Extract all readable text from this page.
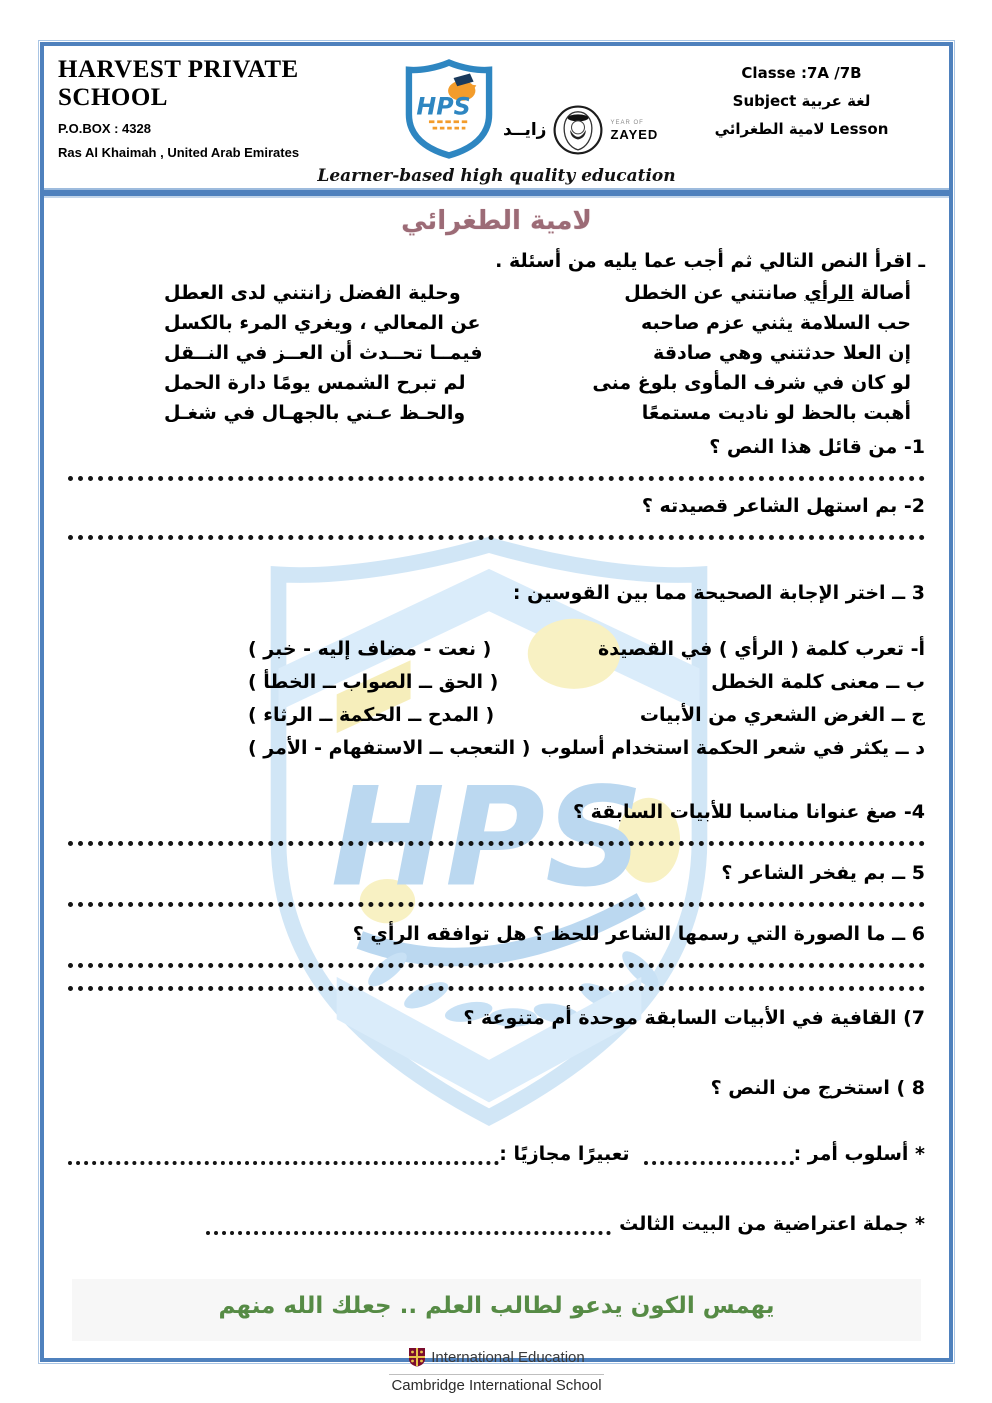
HPS
HARVEST PRIVATE SCHOOL
P.O.BOX : 4328
Ras Al Khaimah , United Arab Emirates
HPS
زايــد	YEAR OF
ZAYED
Classe :7A /7B
Subject لغة عربية
لامية الطغرائي Lesson
Learner-based high quality education
لامية الطغرائي

ـ اقرأ النص التالي ثم أجب عما يليه من أسئلة .

أصالة الرأي صانتني عن الخطل
وحلية الفضل زانتني لدى العطل
حب السلامة يثني عزم صاحبه
عن المعالي ، ويغري المرء بالكسل
إن العلا حدثتني وهي صادقة
فيمــا تحــدث أن العــز في النــقل
لو كان في شرف المأوى بلوغ منى
لم تبرح الشمس يومًا دارة الحمل
أهبت بالحظ لو ناديت مستمعًا
والحـظ عـني بالجهـال في شغـل

1- من قائل هذا النص ؟

2- بم استهل الشاعر قصيدته ؟

3 ــ اختر الإجابة الصحيحة مما بين القوسين :

أ- تعرب كلمة ( الرأي ) في القصيدة
( نعت - مضاف إليه - خبر )
ب ــ معنى كلمة الخطل
( الحق ــ الصواب ــ الخطأ )
ج ــ الغرض الشعري من الأبيات
( المدح ــ الحكمة ــ الرثاء )
د ــ يكثر في شعر الحكمة استخدام أسلوب
( التعجب ــ الاستفهام - الأمر )

4- صغ عنوانا مناسبا للأبيات السابقة ؟

5 ــ بم يفخر الشاعر ؟

6 ــ ما الصورة التي رسمها الشاعر للحظ ؟ هل توافقه الرأي ؟

7) القافية في الأبيات السابقة موحدة أم متنوعة ؟

8 ) استخرج من النص ؟

* أسلوب أمر :
تعبيرًا مجازيًا :
* جملة اعتراضية من البيت الثالث
يهمس الكون يدعو لطالب العلم .. جعلك الله منهم
International Education
Cambridge International School
